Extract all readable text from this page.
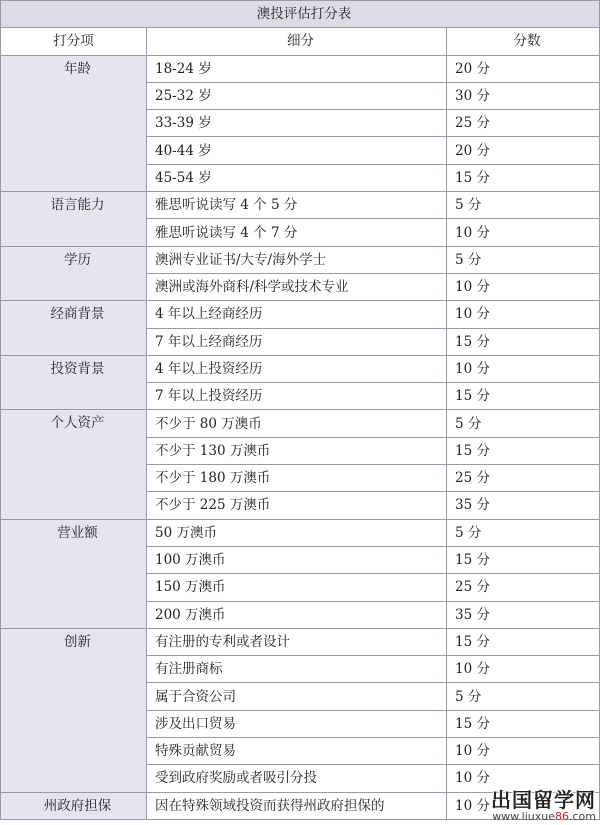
澳投评估打分表		
打分项	细分	分数
年龄	18-24 岁	20 分
	25-32 岁	30 分
	33-39 岁	25 分
	40-44 岁	20 分
	45-54 岁	15 分
语言能力	雅思听说读写 4 个 5 分	5 分
	雅思听说读写 4 个 7 分	10 分
学历	澳洲专业证书/大专/海外学士	5 分
	澳洲或海外商科/科学或技术专业	10 分
经商背景	4 年以上经商经历	10 分
	7 年以上经商经历	15 分
投资背景	4 年以上投资经历	10 分
	7 年以上投资经历	15 分
个人资产	不少于 80 万澳币	5 分
	不少于 130 万澳币	15 分
	不少于 180 万澳币	25 分
	不少于 225 万澳币	35 分
营业额	50 万澳币	5 分
	100 万澳币	15 分
	150 万澳币	25 分
	200 万澳币	35 分
创新	有注册的专利或者设计	15 分
	有注册商标	10 分
	属于合资公司	5 分
	涉及出口贸易	15 分
	特殊贡献贸易	10 分
	受到政府奖励或者吸引分投	10 分
州政府担保	因在特殊领域投资而获得州政府担保的	10 分 出国留学网
www.liuxue86.com
